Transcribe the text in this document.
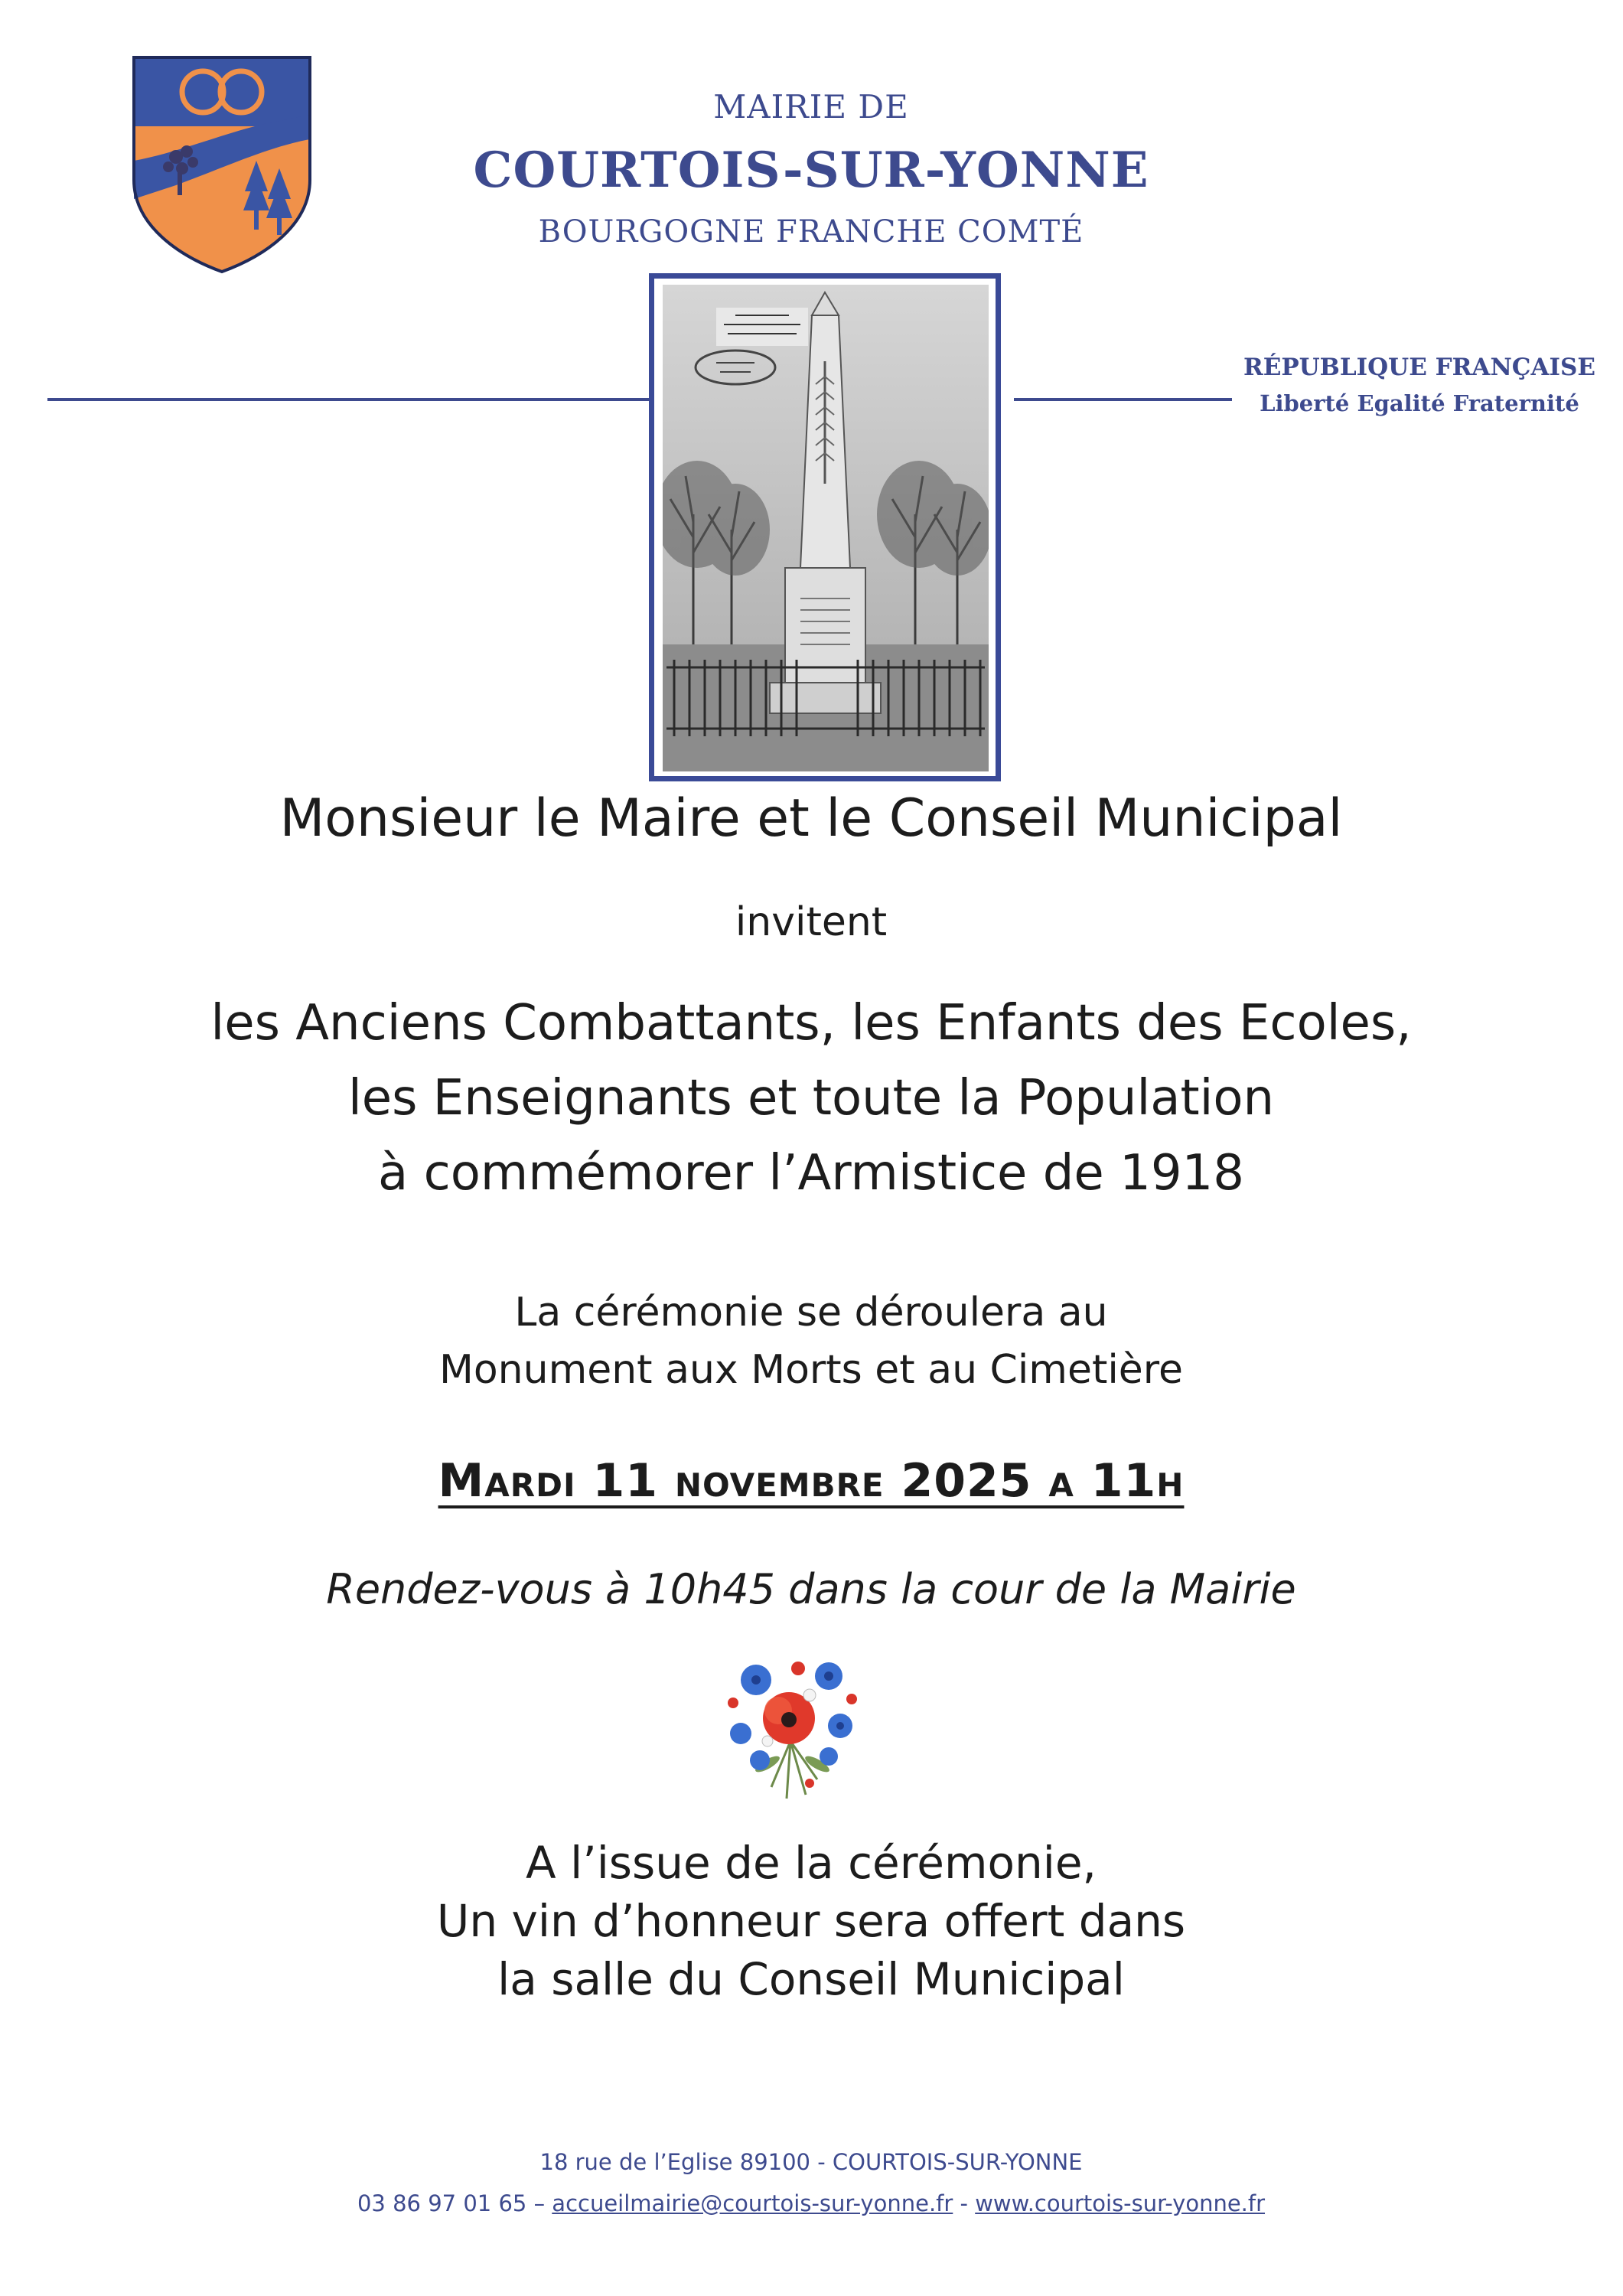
MAIRIE DE
COURTOIS-SUR-YONNE
BOURGOGNE FRANCHE COMTÉ
RÉPUBLIQUE FRANÇAISE
Liberté Egalité Fraternité
Monsieur le Maire et le Conseil Municipal
invitent
les Anciens Combattants, les Enfants des Ecoles,
les Enseignants et toute la Population
à commémorer l’Armistice de 1918
La cérémonie se déroulera au
Monument aux Morts et au Cimetière
Mardi 11 novembre 2025 a 11h
Rendez-vous à 10h45 dans la cour de la Mairie
A l’issue de la cérémonie,
Un vin d’honneur sera offert dans
la salle du Conseil Municipal
18 rue de l’Eglise 89100 - COURTOIS-SUR-YONNE
03 86 97 01 65 – accueilmairie@courtois-sur-yonne.fr - www.courtois-sur-yonne.fr
